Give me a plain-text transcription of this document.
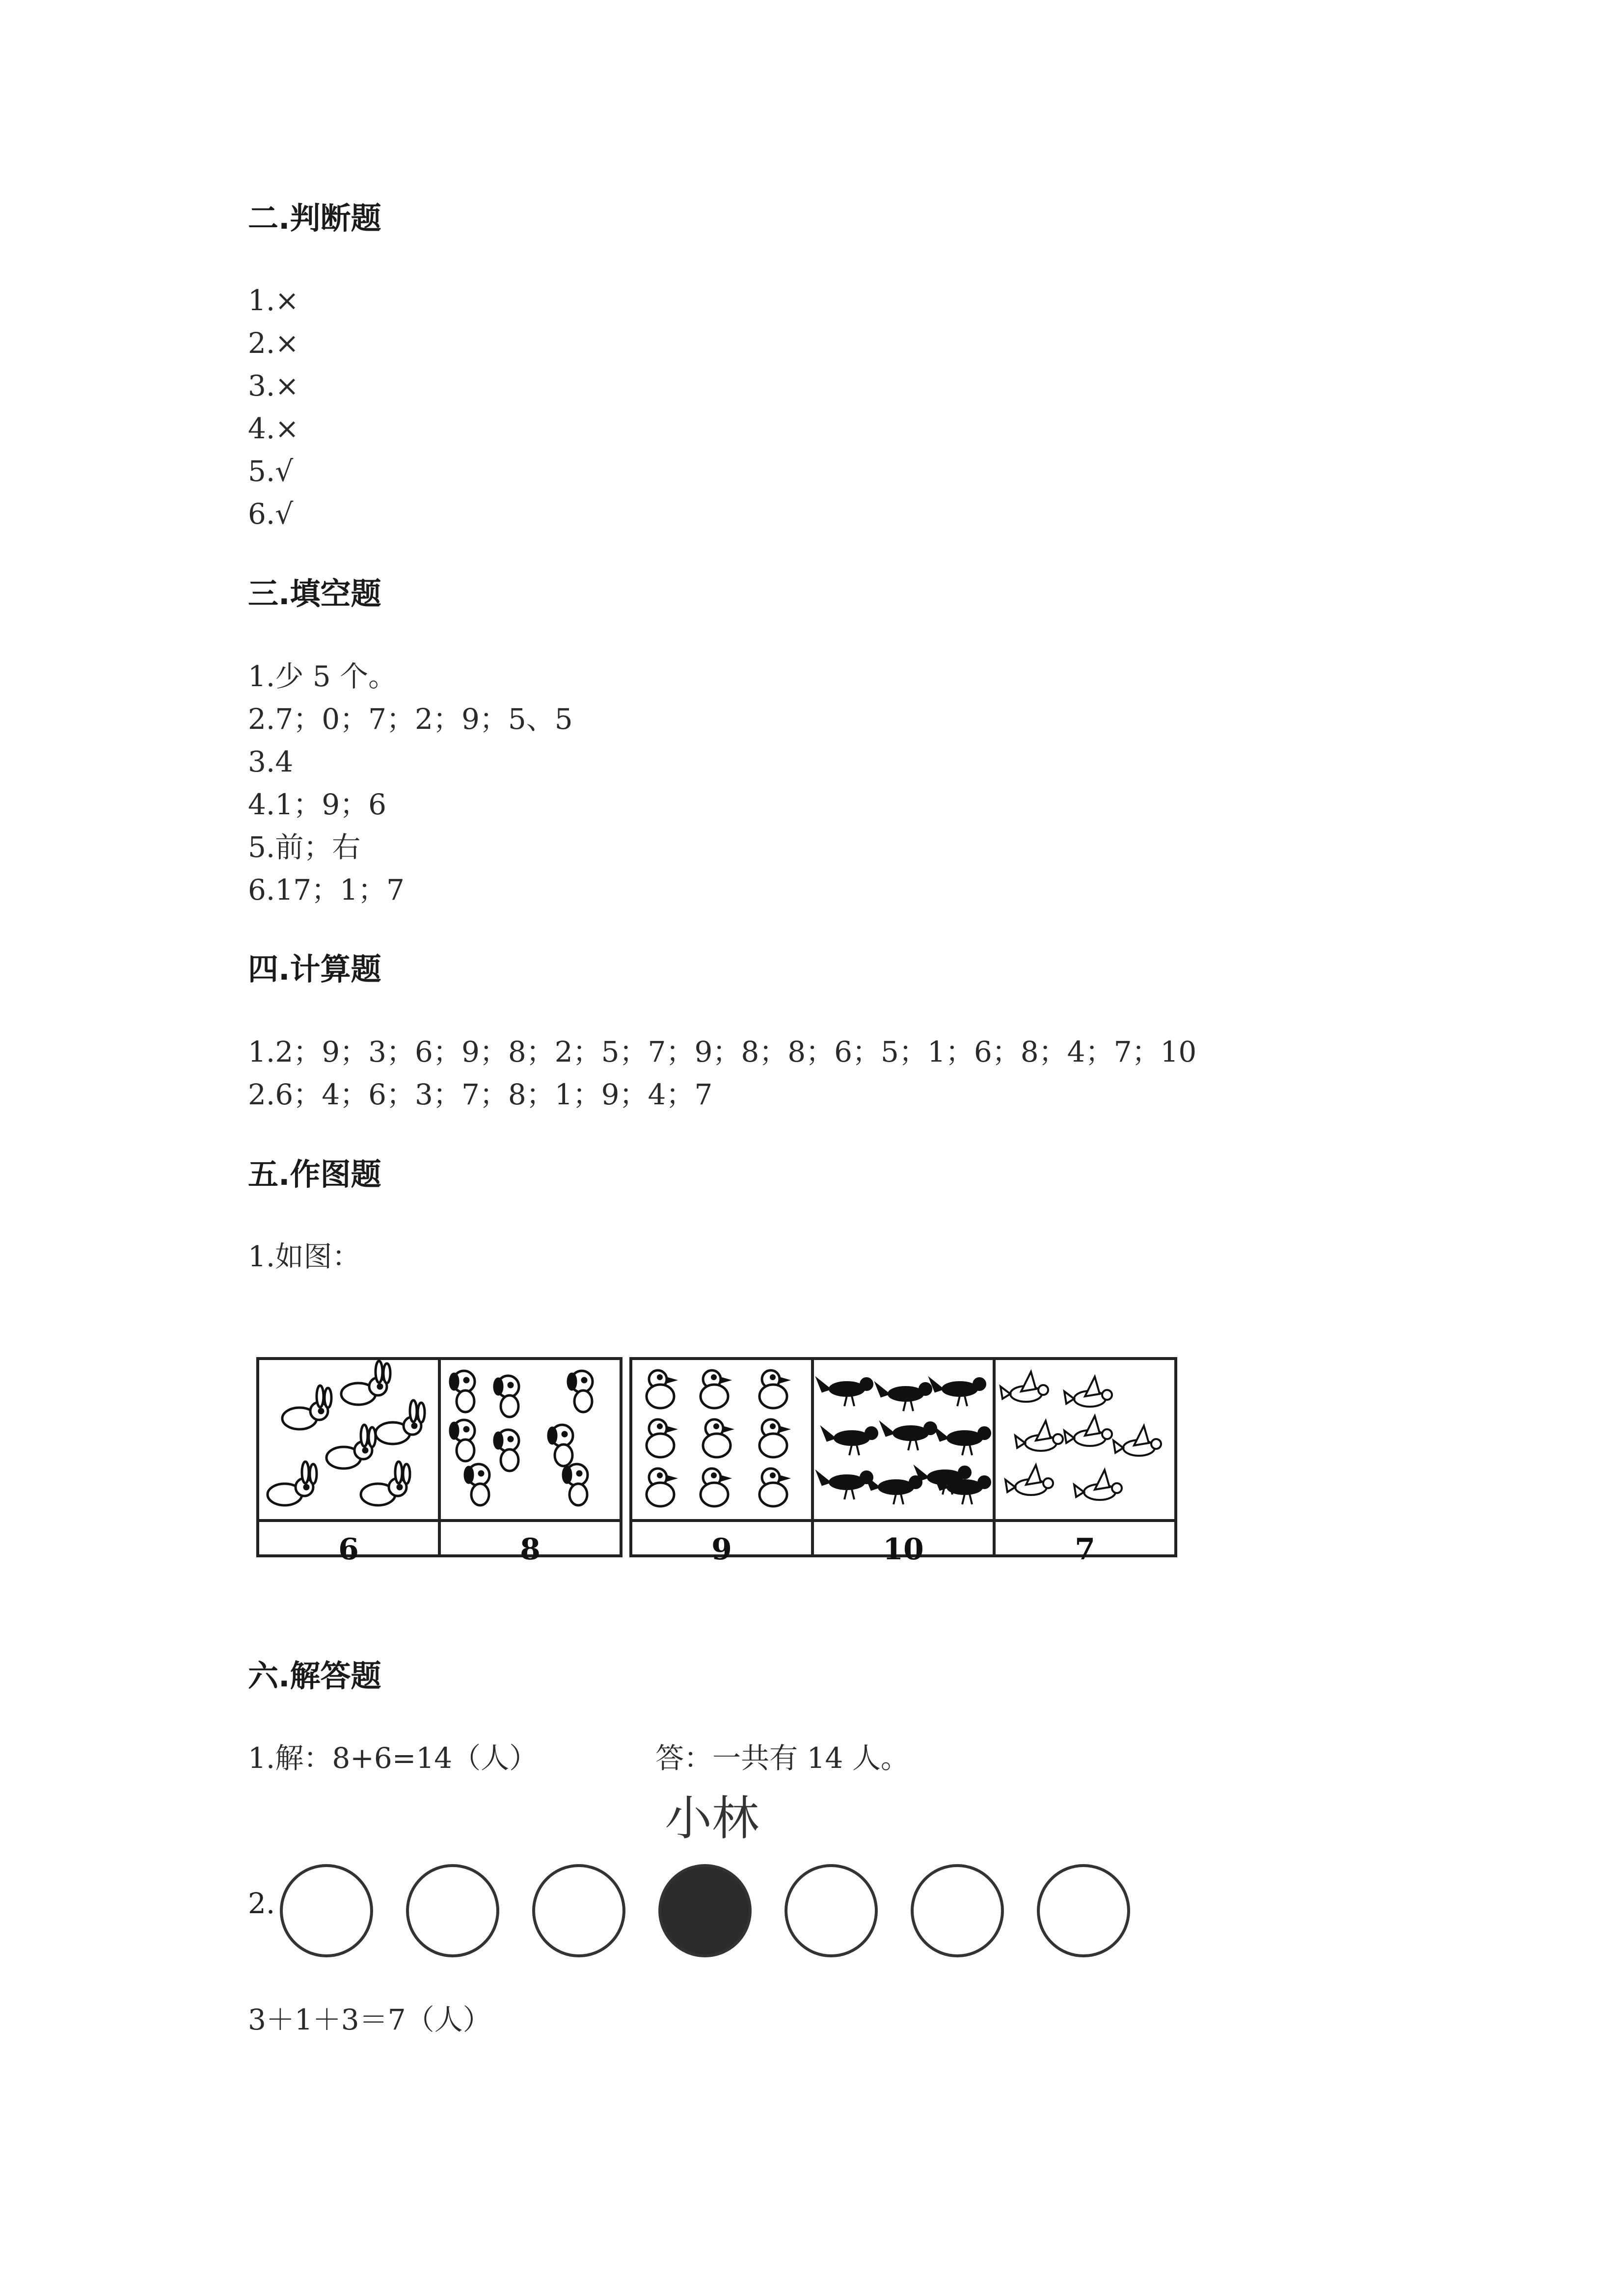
二.判断题
1.×
2.×
3.×
4.×
5.√
6.√
三.填空题
1.少 5 个。
2.7；0；7；2；9；5、5
3.4
4.1；9；6
5.前；右
6.17；1；7
四.计算题
1.2；9；3；6；9；8；2；5；7；9；8；8；6；5；1；6；8；4；7；10
2.6；4；6；3；7；8；1；9；4；7
五.作图题
1.如图：
6	8	9	10	7
六.解答题
1.解：8+6=14（人）	答：一共有 14 人。
小林
2.
3＋1＋3＝7（人）
